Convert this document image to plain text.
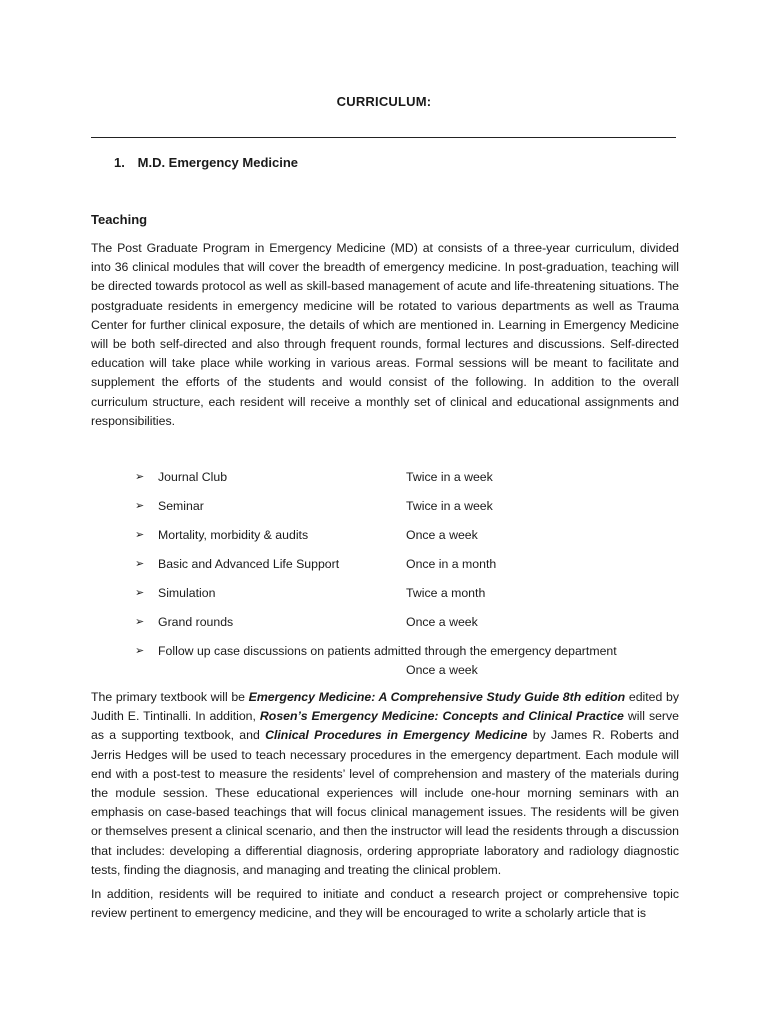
CURRICULUM:
1. M.D. Emergency Medicine
Teaching

The Post Graduate Program in Emergency Medicine (MD) at consists of a three-year curriculum, divided into 36 clinical modules that will cover the breadth of emergency medicine. In post-graduation, teaching will be directed towards protocol as well as skill-based management of acute and life-threatening situations. The postgraduate residents in emergency medicine will be rotated to various departments as well as Trauma Center for further clinical exposure, the details of which are mentioned in. Learning in Emergency Medicine will be both self-directed and also through frequent rounds, formal lectures and discussions. Self-directed education will take place while working in various areas. Formal sessions will be meant to facilitate and supplement the efforts of the students and would consist of the following. In addition to the overall curriculum structure, each resident will receive a monthly set of clinical and educational assignments and responsibilities.

➢	Journal Club	Twice in a week
➢	Seminar	Twice in a week
➢	Mortality, morbidity & audits	Once a week
➢	Basic and Advanced Life Support	Once in a month
➢	Simulation	Twice a month
➢	Grand rounds	Once a week
➢	Follow up case discussions on patients admitted through the emergency department
Once a week

The primary textbook will be Emergency Medicine: A Comprehensive Study Guide 8th edition edited by Judith E. Tintinalli. In addition, Rosen’s Emergency Medicine: Concepts and Clinical Practice will serve as a supporting textbook, and Clinical Procedures in Emergency Medicine by James R. Roberts and Jerris Hedges will be used to teach necessary procedures in the emergency department. Each module will end with a post-test to measure the residents’ level of comprehension and mastery of the materials during the module session. These educational experiences will include one-hour morning seminars with an emphasis on case-based teachings that will focus clinical management issues. The residents will be given or themselves present a clinical scenario, and then the instructor will lead the residents through a discussion that includes: developing a differential diagnosis, ordering appropriate laboratory and radiology diagnostic tests, finding the diagnosis, and managing and treating the clinical problem.

In addition, residents will be required to initiate and conduct a research project or comprehensive topic review pertinent to emergency medicine, and they will be encouraged to write a scholarly article that is
